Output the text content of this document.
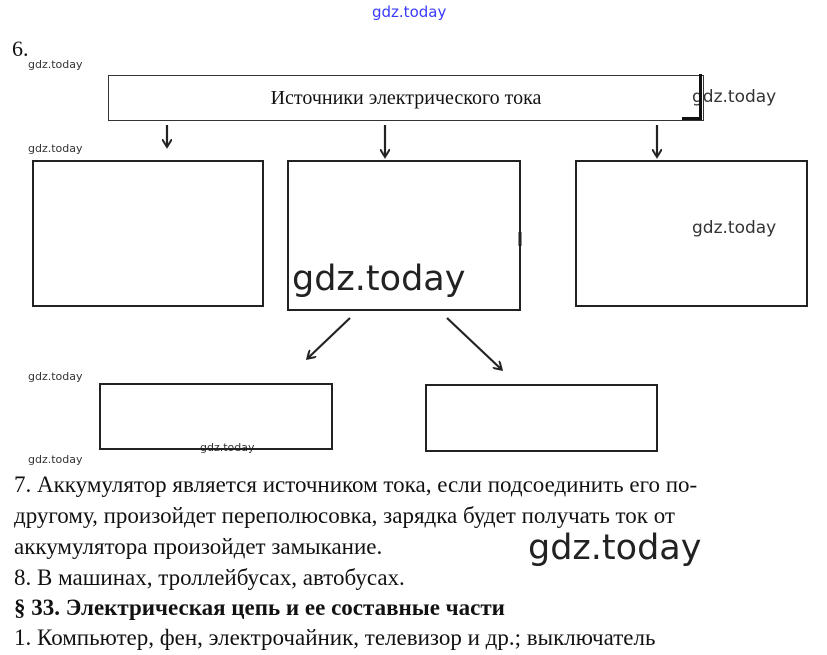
gdz.today
gdz.today
gdz.today
gdz.today
gdz.today
gdz.today
gdz.today
gdz.today
gdz.today
gdz.today
6.
Источники электрического тока
7. Аккумулятор является источником тока, если подсоединить его по-
другому, произойдет переполюсовка, зарядка будет получать ток от
аккумулятора произойдет замыкание.
8. В машинах, троллейбусах, автобусах.
§ 33. Электрическая цепь и ее составные части
1. Компьютер, фен, электрочайник, телевизор и др.; выключатель
